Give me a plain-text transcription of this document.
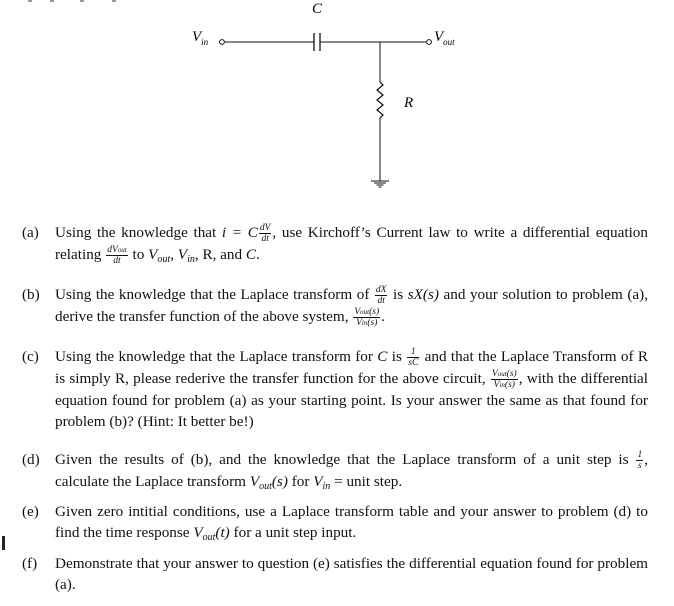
$V_{in}$	$V_{out}$
C
R
(a) Using the knowledge that i = C $\frac{dV}{dt}$ , use Kirchoff’s Current law to write a differential equation relating $\frac{\text{dVout}}{dt}$ to $V_{out}$, $V_{in}$, R, and C.
(b) Using the knowledge that the Laplace transform of $\frac{dX}{dt}$ is sX(s) and your solution to problem (a), derive the transfer function of the above system, $\frac{\text{Vout(s)}}{\text{Vin(s)}}$ .
(c) Using the knowledge that the Laplace transform for C is $\frac{1}{sC}$ and that the Laplace Transform of R is simply R, please rederive the transfer function for the above circuit, $\frac{\text{Vout(s)}}{\text{Vin(s)}}$ , with the differential equation found for problem (a) as your starting point. Is your answer the same as that found for problem (b)? (Hint: It better be!)
(d) Given the results of (b), and the knowledge that the Laplace transform of a unit step is $\frac{1}{s}$ , calculate the Laplace transform $V_{out}(s)$ for $V_{in}$ = unit step.
(e) Given zero intitial conditions, use a Laplace transform table and your answer to problem (d) to find the time response $V_{out}(t)$ for a unit step input.
(f) Demonstrate that your answer to question (e) satisfies the differential equation found for problem (a).
